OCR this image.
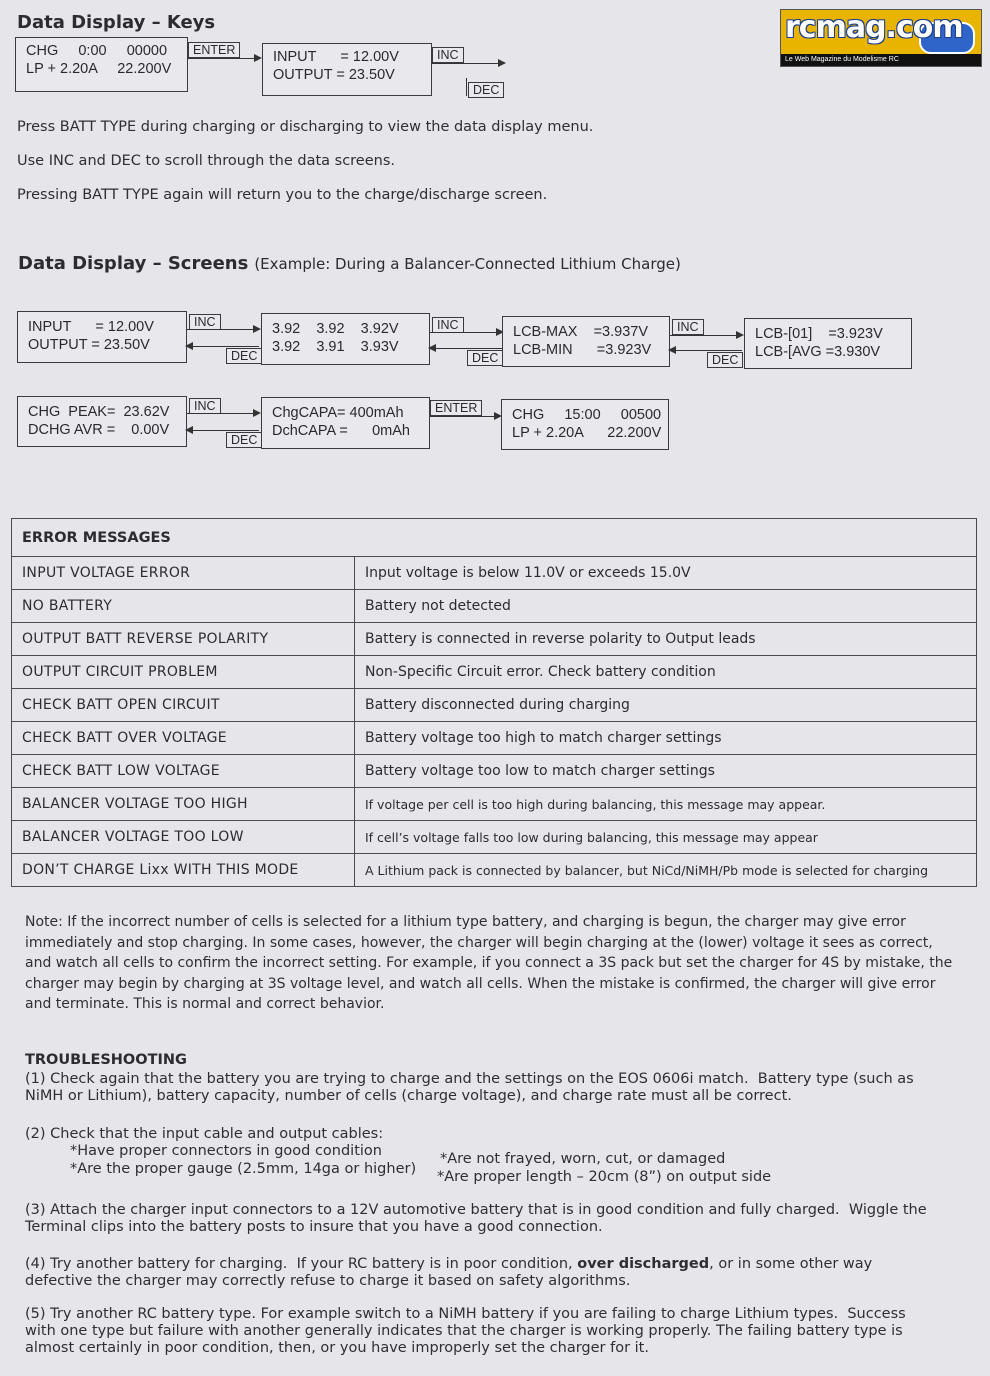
rcmag.com
Le Web Magazine du Modelisme RC
Data Display – Keys
CHG     0:00     00000
LP + 2.20A     22.200V
ENTER	INPUT      = 12.00V
OUTPUT = 23.50V
INC
DEC
Press BATT TYPE during charging or discharging to view the data display menu.
Use INC and DEC to scroll through the data screens.
Pressing BATT TYPE again will return you to the charge/discharge screen.
Data Display – Screens (Example: During a Balancer-Connected Lithium Charge)
INPUT      = 12.00V
OUTPUT = 23.50V
INC
DEC
3.92    3.92    3.92V
3.92    3.91    3.93V
INC
DEC
LCB-MAX    =3.937V
LCB-MIN      =3.923V
INC
DEC
LCB-[01]    =3.923V
LCB-[AVG =3.930V
CHG  PEAK=  23.62V
DCHG AVR =    0.00V
INC
DEC
ChgCAPA= 400mAh
DchCAPA =      0mAh
ENTER	CHG     15:00     00500
LP + 2.20A      22.200V
ERROR MESSAGES	
INPUT VOLTAGE ERROR	Input voltage is below 11.0V or exceeds 15.0V
NO BATTERY	Battery not detected
OUTPUT BATT REVERSE POLARITY	Battery is connected in reverse polarity to Output leads
OUTPUT CIRCUIT PROBLEM	Non-Specific Circuit error. Check battery condition
CHECK BATT OPEN CIRCUIT	Battery disconnected during charging
CHECK BATT OVER VOLTAGE	Battery voltage too high to match charger settings
CHECK BATT LOW VOLTAGE	Battery voltage too low to match charger settings
BALANCER VOLTAGE TOO HIGH	If voltage per cell is too high during balancing, this message may appear.
BALANCER VOLTAGE TOO LOW	If cell’s voltage falls too low during balancing, this message may appear
DON’T CHARGE Lixx WITH THIS MODE	A Lithium pack is connected by balancer, but NiCd/NiMH/Pb mode is selected for charging
Note: If the incorrect number of cells is selected for a lithium type battery, and charging is begun, the charger may give error immediately and stop charging. In some cases, however, the charger will begin charging at the (lower) voltage it sees as correct, and watch all cells to confirm the incorrect setting. For example, if you connect a 3S pack but set the charger for 4S by mistake, the charger may begin by charging at 3S voltage level, and watch all cells. When the mistake is confirmed, the charger will give error and terminate. This is normal and correct behavior.
TROUBLESHOOTING
(1) Check again that the battery you are trying to charge and the settings on the EOS 0606i match.  Battery type (such as
NiMH or Lithium), battery capacity, number of cells (charge voltage), and charge rate must all be correct.
(2) Check that the input cable and output cables:
*Have proper connectors in good condition	*Are not frayed, worn, cut, or damaged
*Are the proper gauge (2.5mm, 14ga or higher) *Are proper length – 20cm (8”) on output side
(3) Attach the charger input connectors to a 12V automotive battery that is in good condition and fully charged.  Wiggle the
Terminal clips into the battery posts to insure that you have a good connection.
(4) Try another battery for charging.  If your RC battery is in poor condition, over discharged, or in some other way
defective the charger may correctly refuse to charge it based on safety algorithms.
(5) Try another RC battery type. For example switch to a NiMH battery if you are failing to charge Lithium types.  Success
with one type but failure with another generally indicates that the charger is working properly. The failing battery type is
almost certainly in poor condition, then, or you have improperly set the charger for it.
